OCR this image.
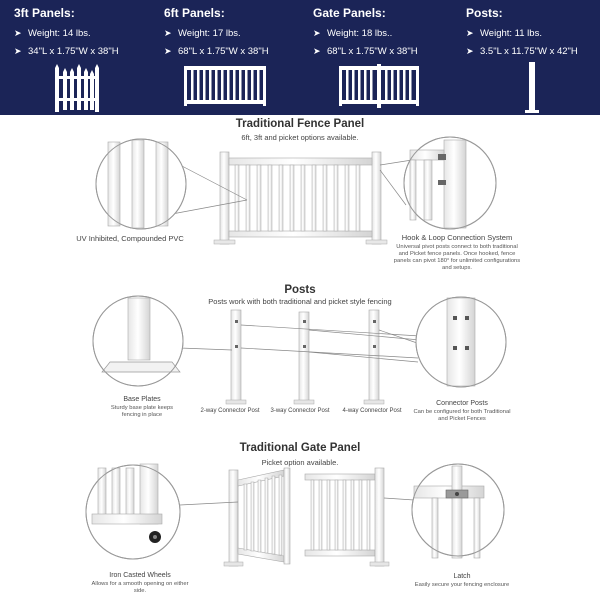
3ft Panels:
➤ Weight: 14 lbs.
➤ 34"L x 1.75"W x 38"H
6ft Panels:
➤ Weight: 17 lbs.
➤ 68"L x 1.75"W x 38"H
Gate Panels:
➤ Weight: 18 lbs..
➤ 68"L x 1.75"W x 38"H
Posts:
➤ Weight: 11 lbs.
➤ 3.5"L x 11.75"W x 42"H
Traditional Fence Panel
6ft, 3ft and picket options available.
Posts
Posts work with both traditional and picket style fencing
Traditional Gate Panel
Picket option available.
UV Inhibited, Compounded PVC	Hook & Loop Connection System
Universal pivot posts connect to both traditional and Picket fence panels. Once hooked, fence panels can pivot 180° for unlimited configurations and setups.
Base Plates
Sturdy base plate keeps fencing in place
2-way Connector Post	3-way Connector Post	4-way Connector Post
Connector Posts
Can be configured for both Traditional and Picket Fences
Iron Casted Wheels
Allows for a smooth opening on either side.
Latch
Easily secure your fencing enclosure
